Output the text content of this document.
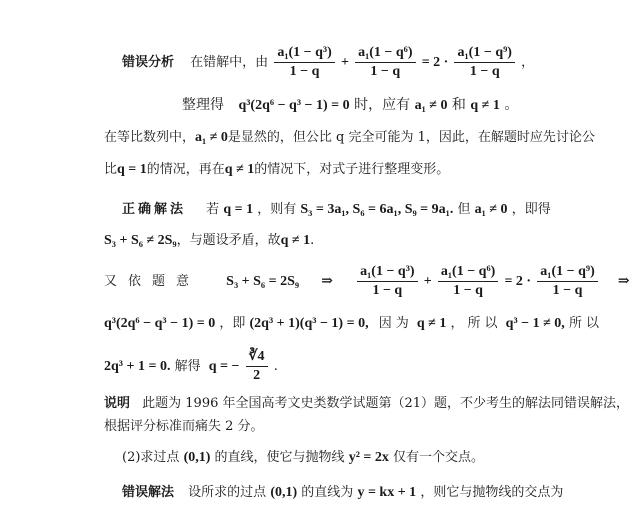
错误分析 在错解中，由 $\frac{\text{a₁(1 − q³)}}{1 - q} + \frac{\text{a₁(1 − q⁶)}}{1 - q} = 2 \cdot \frac{\text{a₁(1 − q⁹)}}{1 - q}$ ，
整理得 q³(2q⁶ − q³ − 1) = 0 时，应有 a₁ ≠ 0 和 q ≠ 1 。
在等比数列中，a₁ ≠ 0是显然的，但公比 q 完全可能为 1，因此，在解题时应先讨论公
比q = 1的情况，再在q ≠ 1的情况下，对式子进行整理变形。
正确解法 若 q = 1 ，则有 S₃ = 3a₁, S₆ = 6a₁, S₉ = 9a₁. 但 a₁ ≠ 0 ，即得
S₃ + S₆ ≠ 2S₉，与题设矛盾，故q ≠ 1.
又依题意 S₃ + S₆ = 2S₉ ⇒ $\frac{\text{a₁(1 − q³)}}{1 - q} + \frac{\text{a₁(1 − q⁶)}}{1 - q} = 2 \cdot \frac{\text{a₁(1 − q⁹)}}{1 - q}$ ⇒
q³(2q⁶ − q³ − 1) = 0 ，即 (2q³ + 1)(q³ − 1) = 0, 因为 q ≠ 1 ，所以 q³ − 1 ≠ 0, 所以
2q³ + 1 = 0. 解得 q = − $\frac{∛4}{2}$ .
说明 此题为 1996 年全国高考文史类数学试题第（21）题，不少考生的解法同错误解法，
根据评分标准而痛失 2 分。
(2)求过点 (0,1) 的直线，使它与抛物线 y² = 2x 仅有一个交点。
错误解法 设所求的过点 (0,1) 的直线为 y = kx + 1 ，则它与抛物线的交点为
